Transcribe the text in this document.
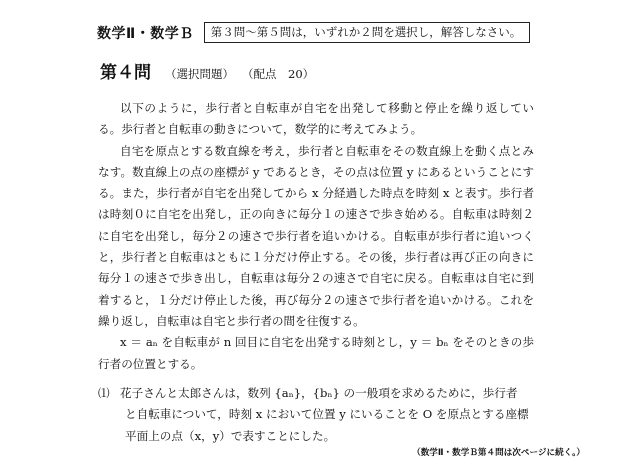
数学Ⅱ・数学Ｂ	第３問～第５問は，いずれか２問を選択し，解答しなさい。
第４問 （選択問題） （配点　20）

以下のように，歩行者と自転車が自宅を出発して移動と停止を繰り返している。歩行者と自転車の動きについて，数学的に考えてみよう。

自宅を原点とする数直線を考え，歩行者と自転車をその数直線上を動く点とみなす。数直線上の点の座標が y であるとき，その点は位置 y にあるということにする。また，歩行者が自宅を出発してから x 分経過した時点を時刻 x と表す。歩行者は時刻０に自宅を出発し，正の向きに毎分１の速さで歩き始める。自転車は時刻２に自宅を出発し，毎分２の速さで歩行者を追いかける。自転車が歩行者に追いつくと，歩行者と自転車はともに１分だけ停止する。その後，歩行者は再び正の向きに毎分１の速さで歩き出し，自転車は毎分２の速さで自宅に戻る。自転車は自宅に到着すると，１分だけ停止した後，再び毎分２の速さで歩行者を追いかける。これを繰り返し，自転車は自宅と歩行者の間を往復する。

x ＝ aₙ を自転車が n 回目に自宅を出発する時刻とし，y ＝ bₙ をそのときの歩行者の位置とする。

⑴ 花子さんと太郎さんは，数列 {aₙ}，{bₙ} の一般項を求めるために，歩行者
と自転車について，時刻 x において位置 y にいることを O を原点とする座標
平面上の点（x，y）で表すことにした。
（数学Ⅱ・数学Ｂ第４問は次ページに続く。）
